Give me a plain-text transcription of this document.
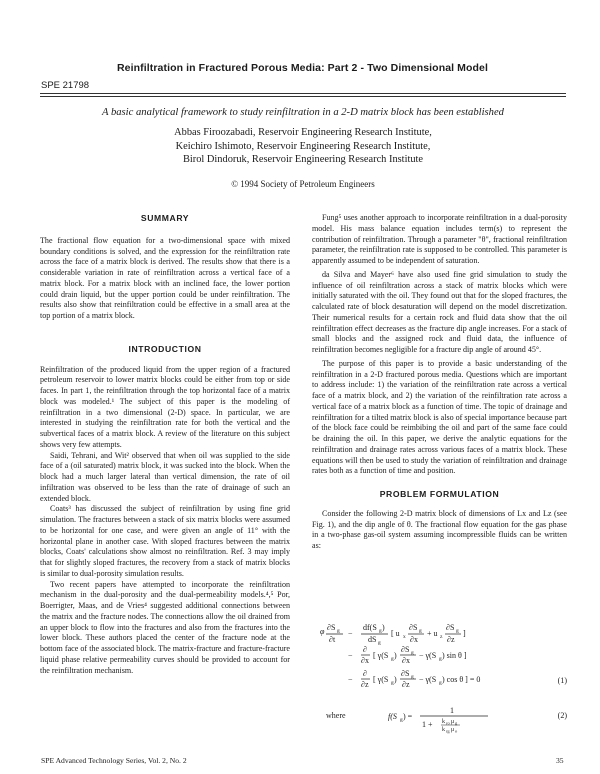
Reinfiltration in Fractured Porous Media: Part 2 - Two Dimensional Model
SPE 21798
A basic analytical framework to study reinfiltration in a 2-D matrix block has been established
Abbas Firoozabadi, Reservoir Engineering Research Institute,
Keichiro Ishimoto, Reservoir Engineering Research Institute,
Birol Dindoruk, Reservoir Engineering Research Institute
© 1994 Society of Petroleum Engineers
SUMMARY

The fractional flow equation for a two-dimensional space with mixed boundary conditions is solved, and the expression for the reinfiltration rate across the face of a matrix block is derived. The results show that there is a considerable variation in rate of reinfiltration across a vertical face of a matrix block. For a matrix block with an inclined face, the lower portion could drain liquid, but the upper portion could be under reinfiltration. The results also show that reinfiltration could be effective in a small area at the top portion of a matrix block.

INTRODUCTION

Reinfiltration of the produced liquid from the upper region of a fractured petroleum reservoir to lower matrix blocks could be either from top or side faces. In part 1, the reinfiltration through the top horizontal face of a matrix block was modeled.¹ The subject of this paper is the modeling of reinfiltration in a two dimensional (2-D) space. In particular, we are interested in studying the reinfiltration rate for both the vertical and the subvertical faces of a matrix block. A review of the literature on this subject shows very few attempts.

Saidi, Tehrani, and Wit² observed that when oil was supplied to the side face of a (oil saturated) matrix block, it was sucked into the block. When the block had a much larger lateral than vertical dimension, the rate of oil infiltration was observed to be less than the rate of drainage of such an extended block.

Coats³ has discussed the subject of reinfiltration by using fine grid simulation. The fractures between a stack of six matrix blocks were assumed to be horizontal for one case, and were given an angle of 11° with the horizontal plane in another case. With sloped fractures between the matrix blocks, Coats' calculations show almost no reinfiltration. Ref. 3 may imply that for slightly sloped fractures, the recovery from a stack of matrix blocks is similar to dual-porosity simulation results.

Two recent papers have attempted to incorporate the reinfiltration mechanism in the dual-porosity and the dual-permeability models.⁴,⁵ Por, Boerrigter, Maas, and de Vries⁴ suggested additional connections between the matrix and the fracture nodes. The connections allow the oil drained from an upper block to flow into the fractures and also from the fractures into the lower block. These authors placed the center of the fracture node at the bottom face of the associated block. The matrix-fracture and fracture-fracture liquid phase relative permeability curves should be provided to account for the reinfiltration mechanism.

Fung⁵ uses another approach to incorporate reinfiltration in a dual-porosity model. His mass balance equation includes term(s) to represent the contribution of reinfiltration. Through a parameter "θ", fractional reinfiltration parameter, the reinfiltration rate is supposed to be controlled. This parameter is apparently assumed to be independent of saturation.

da Silva and Mayer⁶ have also used fine grid simulation to study the influence of oil reinfiltration across a stack of matrix blocks which were initially saturated with the oil. They found out that for the sloped fractures, the calculated rate of block desaturation will depend on the model discretization. Their numerical results for a certain rock and fluid data show that the oil reinfiltration effect decreases as the fracture dip angle increases. For a stack of small blocks and the assigned rock and fluid data, the influence of reinfiltration becomes negligible for a fracture dip angle of around 45°.

The purpose of this paper is to provide a basic understanding of the reinfiltration in a 2-D fractured porous media. Questions which are important to address include: 1) the variation of the reinfiltration rate across a vertical face of a matrix block, and 2) the variation of the reinfiltration rate across a vertical face of a matrix block as a function of time. The topic of drainage and reinfiltration for a tilted matrix block is also of special importance because part of the block face could be reimbibing the oil and part of the same face could be draining the oil. In this paper, we derive the analytic equations for the reinfiltration and drainage rates across various faces of a matrix block. These equations will then be used to study the variation of reinfiltration and drainage rates both as a function of time and position.

PROBLEM FORMULATION

Consider the following 2-D matrix block of dimensions of Lx and Lz (see Fig. 1), and the dip angle of θ. The fractional flow equation for the gas phase in a two-phase gas-oil system assuming incompressible fluids can be written as:

φ ∂S g
∂t
−
df(S g )
dS g
[ u x
∂S g
∂x
+ u z
∂S g
∂z
]
−
∂
∂x
[ γ(S g )
∂S g
∂x
− γ(S g ) sin θ ]
−
∂
∂z
[ γ(S g )
∂S g
∂z
− γ(S g ) cos θ ] = 0	(1)
where	f(S g ) =
1
1 + k ro μ g
k rg μ o
(2)
SPE Advanced Technology Series, Vol. 2, No. 2	35
